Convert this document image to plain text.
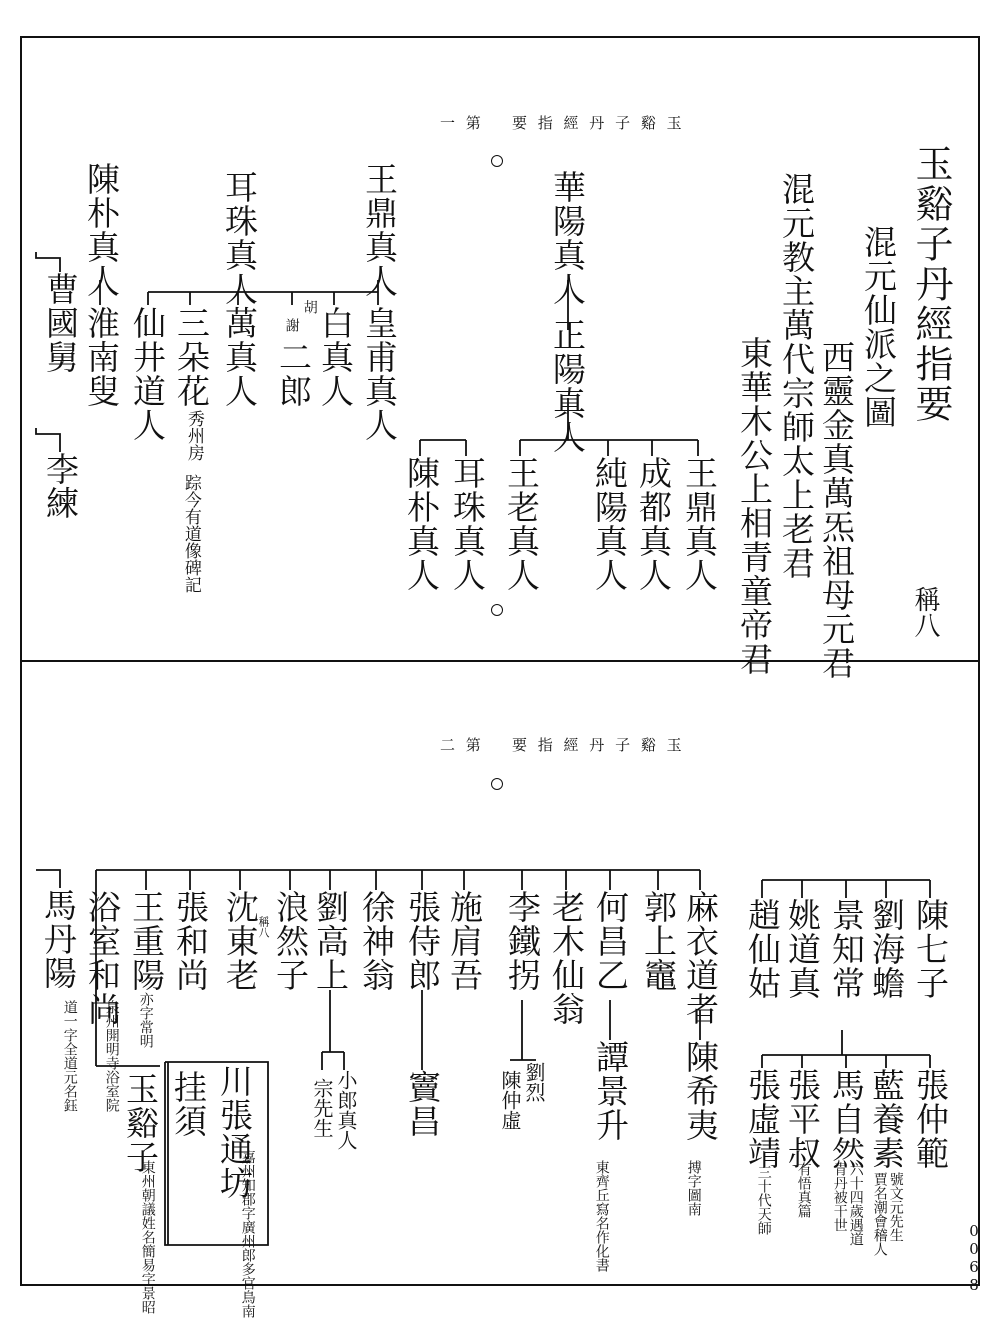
一 第 要 指 經 丹 子 谿 玉
玉谿子丹經指要
混元仙派之圖
混元教主萬代宗師太上老君 西靈金真萬炁祖母元君
東華木公上相青童帝君	稱八
華陽真人
正陽真人
王鼎真人
成都真人
純陽真人
王老真人
耳珠真人
陳朴真人
王鼎真人
耳珠真人
陳朴真人
皇甫真人
白真人
胡
謝
二郎
萬真人
三朵花
秀州房
踪今有道像碑記
仙井道人
淮南叟
曹國舅
李練
二 第 要 指 經 丹 子 谿 玉
陳七子
劉海蟾
景知常
姚道真
趙仙姑
張仲範
藍養素
號文元先生
賈名潮會稽人
馬自然
六十四歲遇道
青丹被干世
張平叔
有悟真篇
張虛靖
三十代天師
麻衣道者
郭上竈
何昌乙
老木仙翁
李鐵拐
施肩吾
張侍郎
徐神翁
劉高上
浪然子
沈東老
張和尚
王重陽
亦字常明
浴室和尚
泉州開明寺浴室院
馬丹陽
道一字全道元名鈺
稱八
陳希夷
搏字圖南
譚景升
東齊丘寫名作化書
劉烈
陳仲虛
竇昌
小郎真人
宗先生
川張通坊
嘉州知郡字廣州郎多官鳥南
挂須
玉谿子
東州朝議姓名簡易字景昭	0068
